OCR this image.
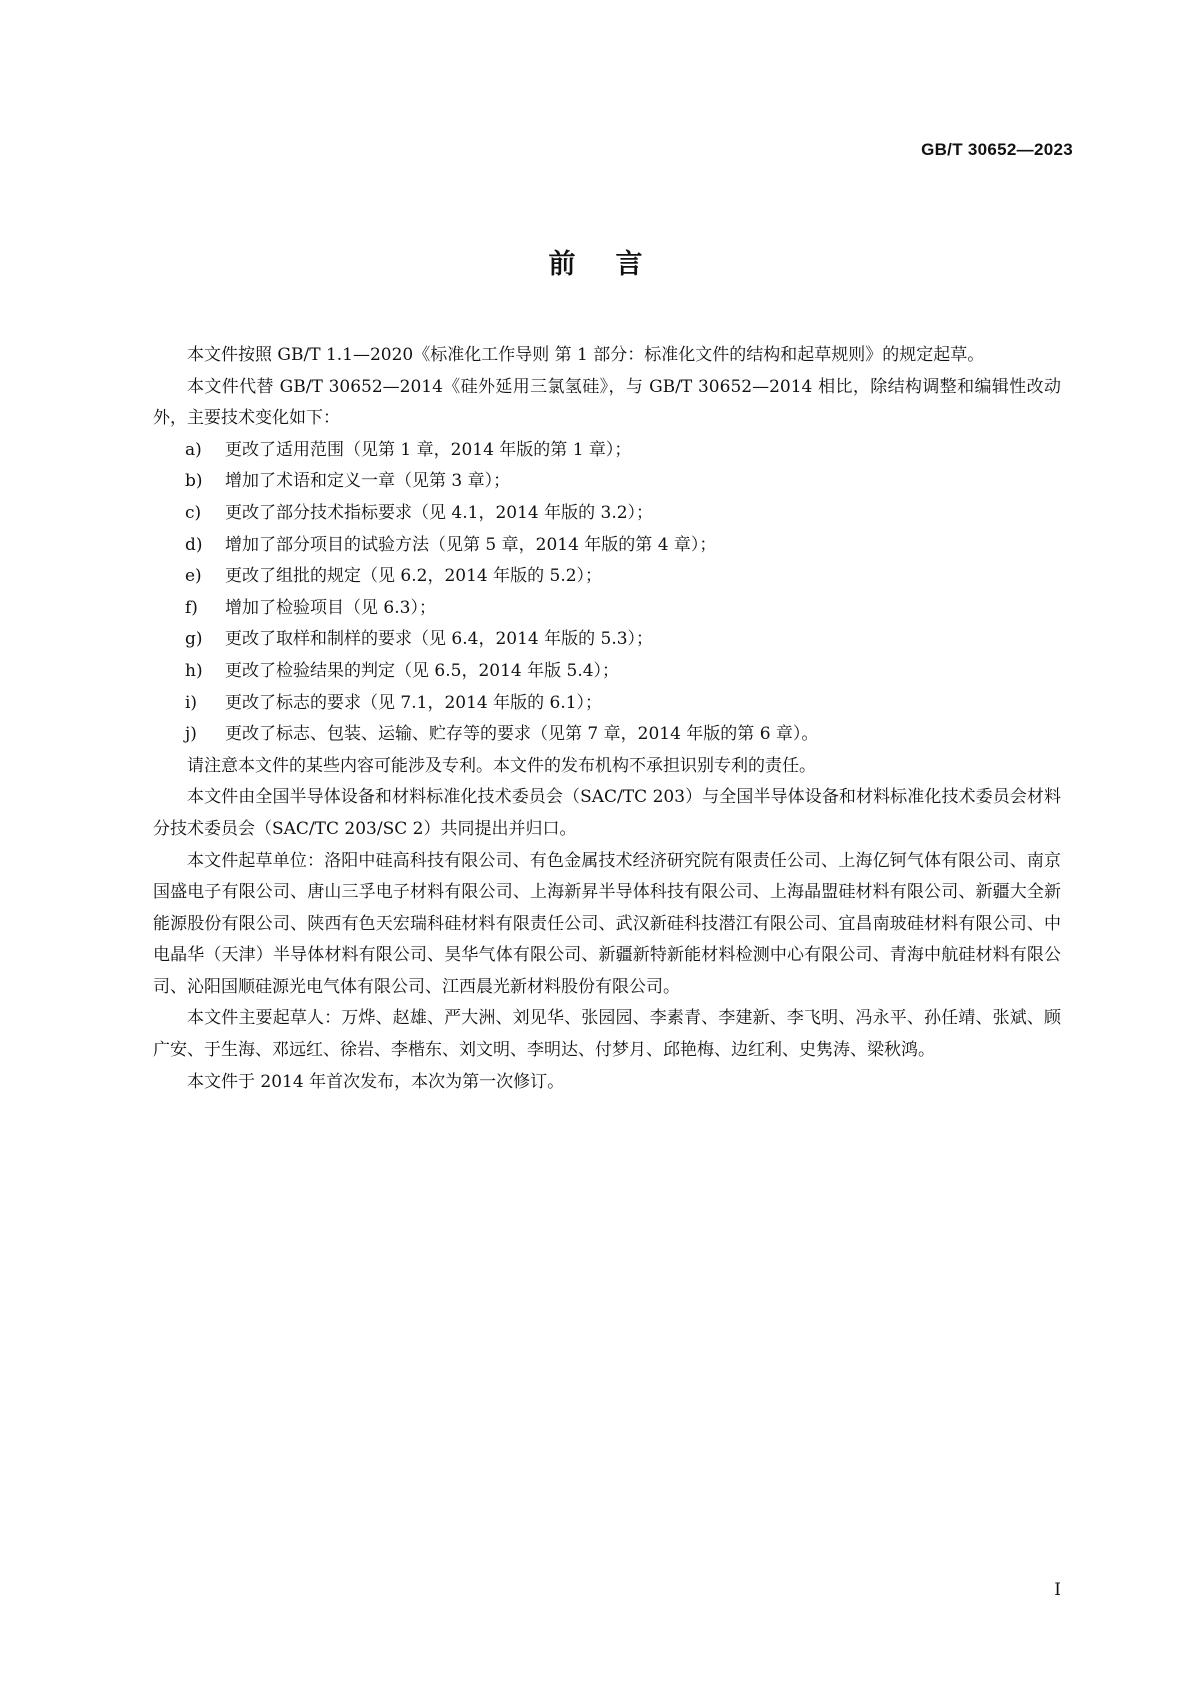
GB/T 30652—2023
前言

本文件按照 GB/T 1.1—2020《标准化工作导则 第 1 部分：标准化文件的结构和起草规则》的规定起草。

本文件代替 GB/T 30652—2014《硅外延用三氯氢硅》，与 GB/T 30652—2014 相比，除结构调整和编辑性改动外，主要技术变化如下：

a) 更改了适用范围（见第 1 章，2014 年版的第 1 章）；
b) 增加了术语和定义一章（见第 3 章）；
c) 更改了部分技术指标要求（见 4.1，2014 年版的 3.2）；
d) 增加了部分项目的试验方法（见第 5 章，2014 年版的第 4 章）；
e) 更改了组批的规定（见 6.2，2014 年版的 5.2）；
f) 增加了检验项目（见 6.3）；
g) 更改了取样和制样的要求（见 6.4，2014 年版的 5.3）；
h) 更改了检验结果的判定（见 6.5，2014 年版 5.4）；
i) 更改了标志的要求（见 7.1，2014 年版的 6.1）；
j) 更改了标志、包装、运输、贮存等的要求（见第 7 章，2014 年版的第 6 章）。

请注意本文件的某些内容可能涉及专利。本文件的发布机构不承担识别专利的责任。

本文件由全国半导体设备和材料标准化技术委员会（SAC/TC 203）与全国半导体设备和材料标准化技术委员会材料分技术委员会（SAC/TC 203/SC 2）共同提出并归口。

本文件起草单位：洛阳中硅高科技有限公司、有色金属技术经济研究院有限责任公司、上海亿钶气体有限公司、南京国盛电子有限公司、唐山三孚电子材料有限公司、上海新昇半导体科技有限公司、上海晶盟硅材料有限公司、新疆大全新能源股份有限公司、陕西有色天宏瑞科硅材料有限责任公司、武汉新硅科技潜江有限公司、宜昌南玻硅材料有限公司、中电晶华（天津）半导体材料有限公司、昊华气体有限公司、新疆新特新能材料检测中心有限公司、青海中航硅材料有限公司、沁阳国顺硅源光电气体有限公司、江西晨光新材料股份有限公司。

本文件主要起草人：万烨、赵雄、严大洲、刘见华、张园园、李素青、李建新、李飞明、冯永平、孙任靖、张斌、顾广安、于生海、邓远红、徐岩、李楷东、刘文明、李明达、付梦月、邱艳梅、边红利、史隽涛、梁秋鸿。

本文件于 2014 年首次发布，本次为第一次修订。

I
